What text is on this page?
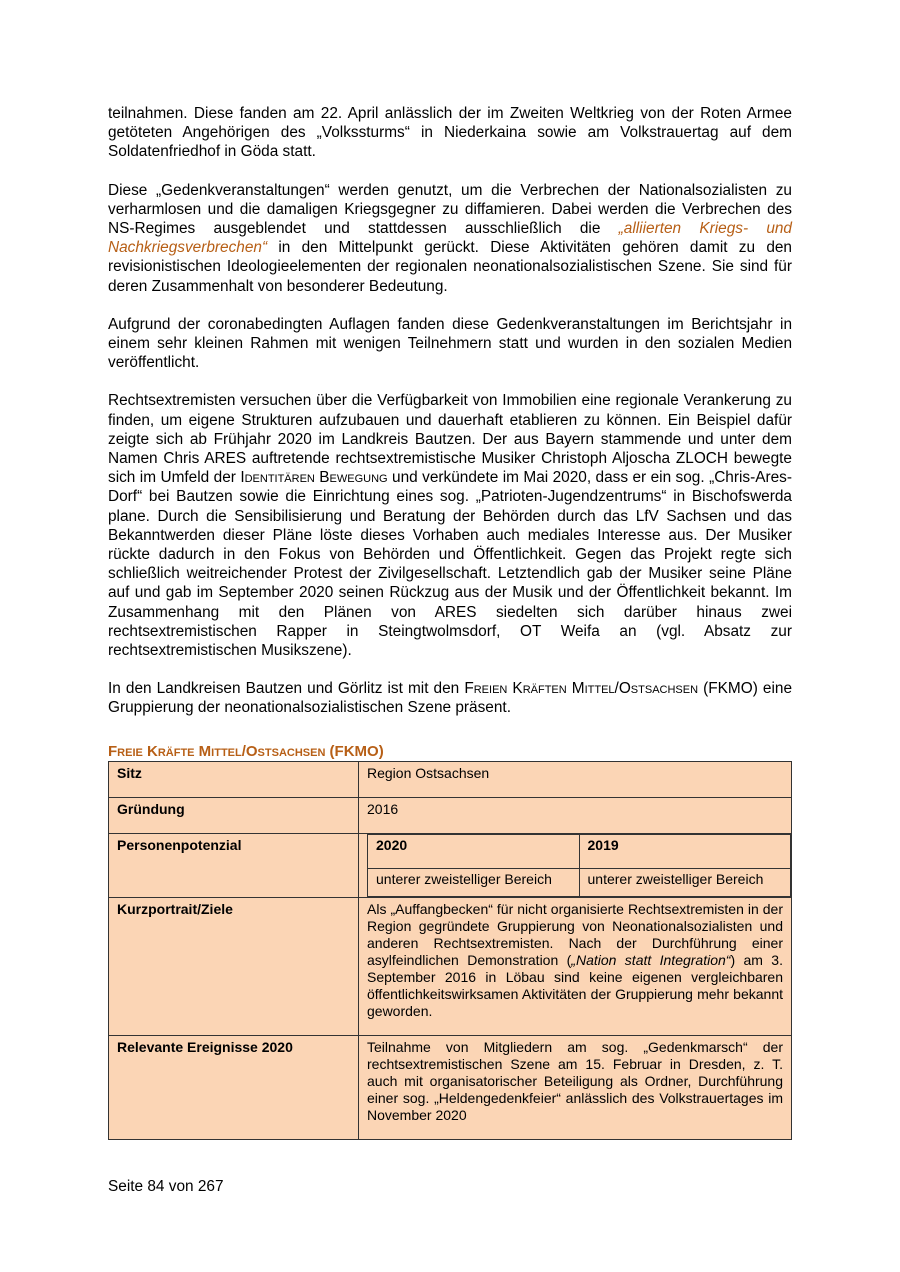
teilnahmen. Diese fanden am 22. April anlässlich der im Zweiten Weltkrieg von der Roten Armee getöteten Angehörigen des „Volkssturms“ in Niederkaina sowie am Volkstrauertag auf dem Soldatenfriedhof in Göda statt.

Diese „Gedenkveranstaltungen“ werden genutzt, um die Verbrechen der Nationalsozialisten zu verharmlosen und die damaligen Kriegsgegner zu diffamieren. Dabei werden die Verbrechen des NS-Regimes ausgeblendet und stattdessen ausschließlich die „alliierten Kriegs- und Nachkriegsverbrechen“ in den Mittelpunkt gerückt. Diese Aktivitäten gehören damit zu den revisionistischen Ideologieelementen der regionalen neonationalsozialistischen Szene. Sie sind für deren Zusammenhalt von besonderer Bedeutung.

Aufgrund der coronabedingten Auflagen fanden diese Gedenkveranstaltungen im Berichtsjahr in einem sehr kleinen Rahmen mit wenigen Teilnehmern statt und wurden in den sozialen Medien veröffentlicht.

Rechtsextremisten versuchen über die Verfügbarkeit von Immobilien eine regionale Verankerung zu finden, um eigene Strukturen aufzubauen und dauerhaft etablieren zu können. Ein Beispiel dafür zeigte sich ab Frühjahr 2020 im Landkreis Bautzen. Der aus Bayern stammende und unter dem Namen Chris ARES auftretende rechtsextremistische Musiker Christoph Aljoscha ZLOCH bewegte sich im Umfeld der Identitären Bewegung und verkündete im Mai 2020, dass er ein sog. „Chris-Ares-Dorf“ bei Bautzen sowie die Einrichtung eines sog. „Patrioten-Jugendzentrums“ in Bischofswerda plane. Durch die Sensibilisierung und Beratung der Behörden durch das LfV Sachsen und das Bekanntwerden dieser Pläne löste dieses Vorhaben auch mediales Interesse aus. Der Musiker rückte dadurch in den Fokus von Behörden und Öffentlichkeit. Gegen das Projekt regte sich schließlich weitreichender Protest der Zivilgesellschaft. Letztendlich gab der Musiker seine Pläne auf und gab im September 2020 seinen Rückzug aus der Musik und der Öffentlichkeit bekannt. Im Zusammenhang mit den Plänen von ARES siedelten sich darüber hinaus zwei rechtsextremistischen Rapper in Steingtwolmsdorf, OT Weifa an (vgl. Absatz zur rechtsextremistischen Musikszene).

In den Landkreisen Bautzen und Görlitz ist mit den Freien Kräften Mittel/Ostsachsen (FKMO) eine Gruppierung der neonationalsozialistischen Szene präsent.

Freie Kräfte Mittel/Ostsachsen (FKMO)
Sitz	Region Ostsachsen
Gründung	2016
Personenpotenzial		2020	2019
unterer zweistelliger Bereich	unterer zweistelliger Bereich

Kurzportrait/Ziele	Als „Auffangbecken“ für nicht organisierte Rechtsextremisten in der Region gegründete Gruppierung von Neonationalsozialisten und anderen Rechtsextremisten. Nach der Durchführung einer asylfeindlichen Demonstration („Nation statt Integration“) am 3. September 2016 in Löbau sind keine eigenen vergleichbaren öffentlichkeitswirksamen Aktivitäten der Gruppierung mehr bekannt geworden.
Relevante Ereignisse 2020	Teilnahme von Mitgliedern am sog. „Gedenkmarsch“ der rechtsextremistischen Szene am 15. Februar in Dresden, z. T. auch mit organisatorischer Beteiligung als Ordner, Durchführung einer sog. „Heldengedenkfeier“ anlässlich des Volkstrauertages im November 2020
Seite 84 von 267
